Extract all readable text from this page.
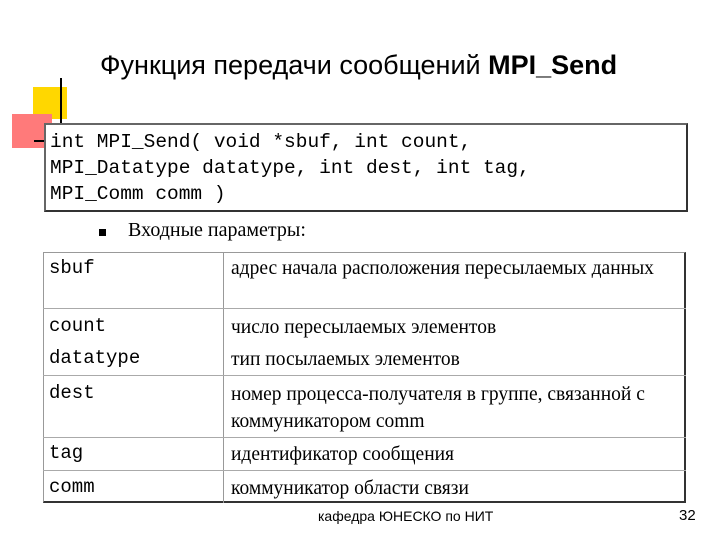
Функция передачи сообщений MPI_Send
int MPI_Send( void *sbuf, int count,
MPI_Datatype datatype, int dest, int tag,
MPI_Comm comm )
Входные параметры:
sbuf	адрес начала расположения пересылаемых данных
count	число пересылаемых элементов
datatype	тип посылаемых элементов
dest	номер процесса-получателя в группе, связанной с коммуникатором comm
tag	идентификатор сообщения
comm	коммуникатор области связи
кафедра ЮНЕСКО по НИТ	32
